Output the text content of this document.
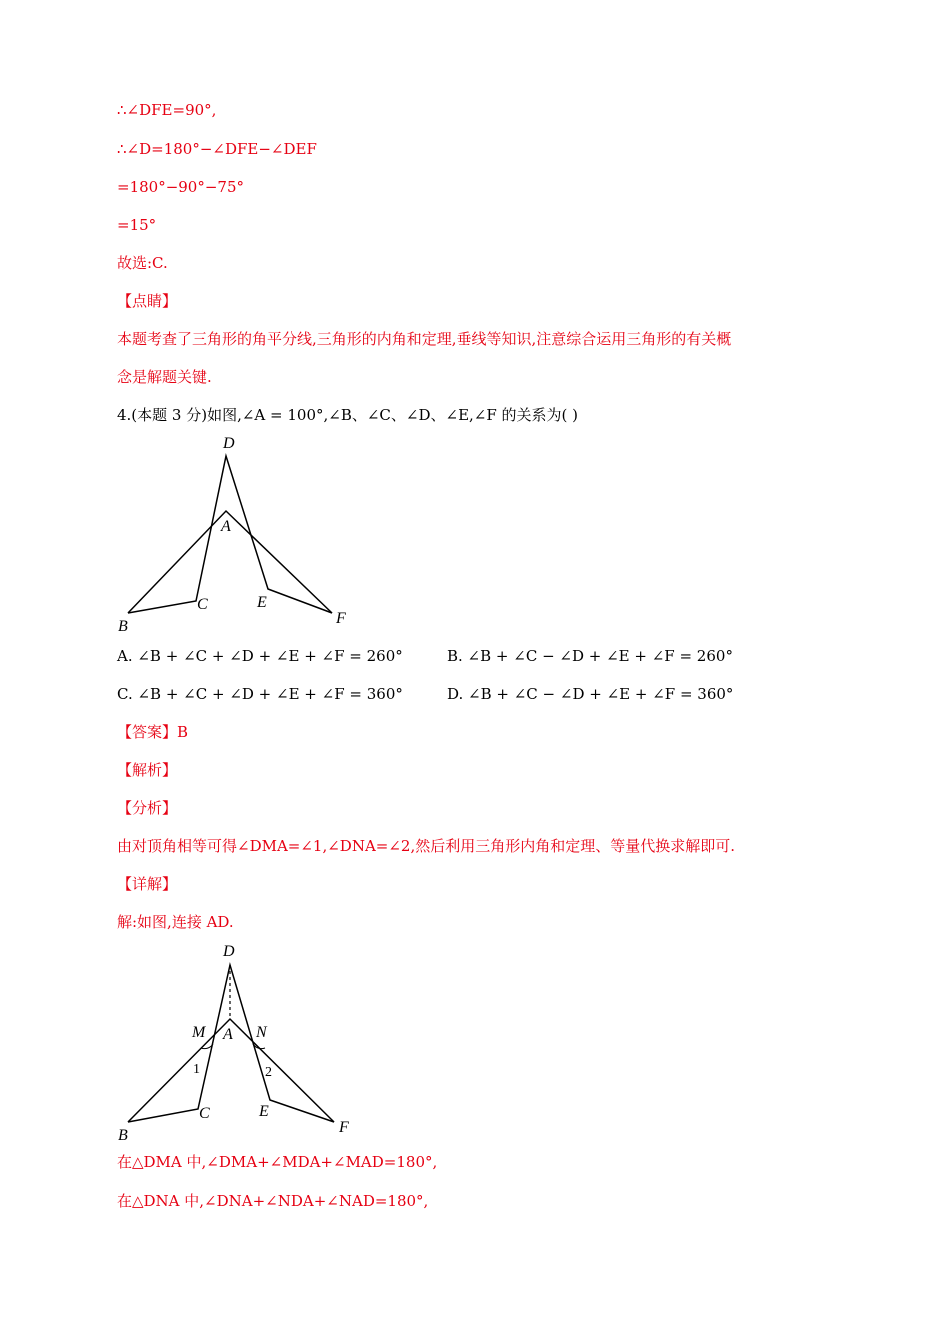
∴∠DFE=90°,
∴∠D=180°−∠DFE−∠DEF
=180°−90°−75°
=15°
故选:C.
【点睛】
本题考查了三角形的角平分线,三角形的内角和定理,垂线等知识,注意综合运用三角形的有关概
念是解题关键.
4.(本题 3 分)如图,∠A = 100°,∠B、∠C、∠D、∠E,∠F 的关系为( )
D
A
B
C	E
F
A. ∠B + ∠C + ∠D + ∠E + ∠F = 260°	B. ∠B + ∠C − ∠D + ∠E + ∠F = 260°
C. ∠B + ∠C + ∠D + ∠E + ∠F = 360°	D. ∠B + ∠C − ∠D + ∠E + ∠F = 360°
【答案】B
【解析】
【分析】
由对顶角相等可得∠DMA=∠1,∠DNA=∠2,然后利用三角形内角和定理、等量代换求解即可.
【详解】
解:如图,连接 AD.
D
M A N
1	2
B
C	E
F
在△DMA 中,∠DMA+∠MDA+∠MAD=180°,
在△DNA 中,∠DNA+∠NDA+∠NAD=180°,
